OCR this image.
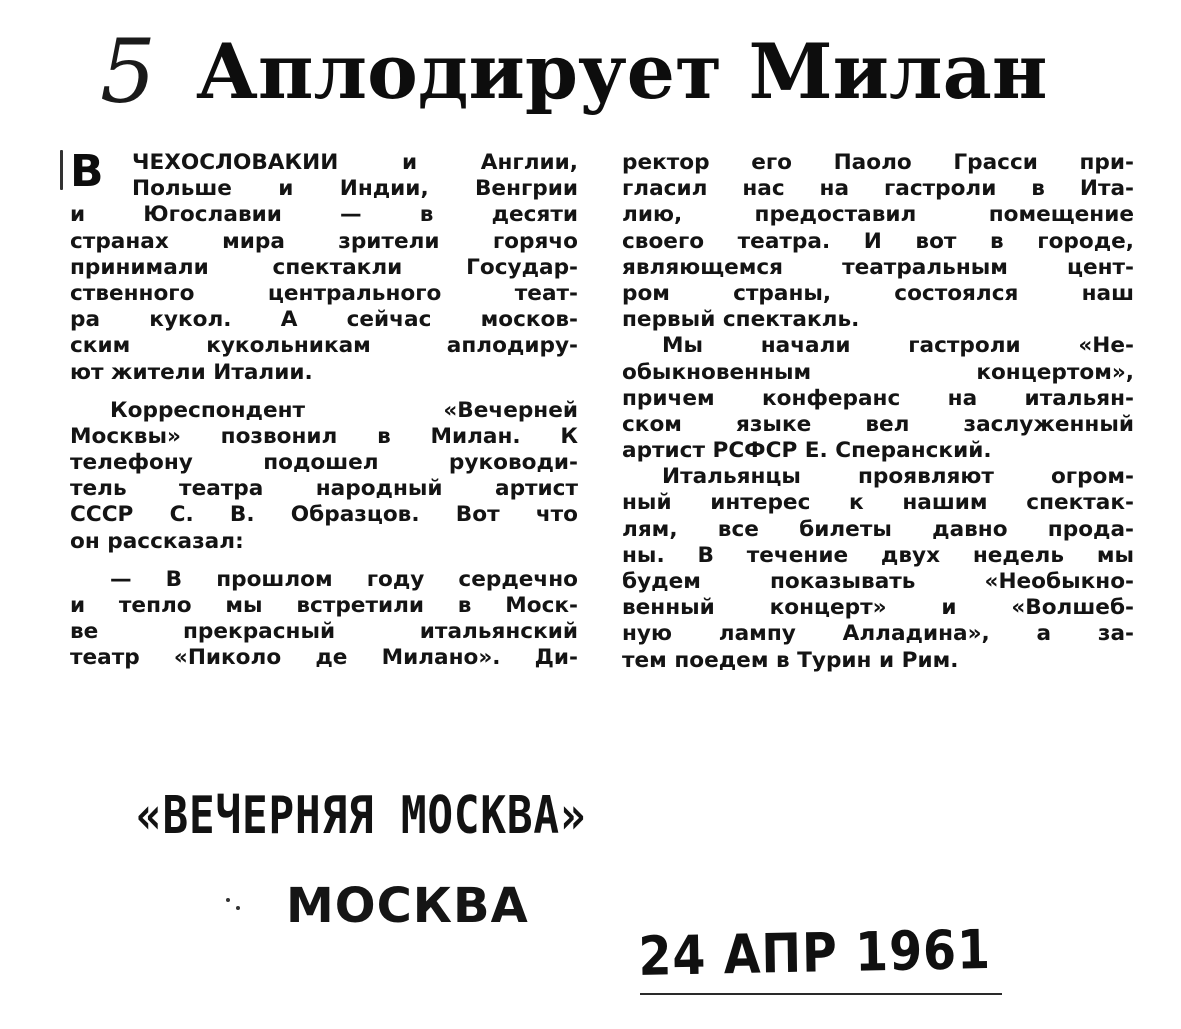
5 Аплодирует Милан
В	ЧЕХОСЛОВАКИИ и Англии,
Польше и Индии, Венгрии
и Югославии — в десяти
странах мира зрители горячо
принимали спектакли Государ-
ственного центрального теат-
ра кукол. А сейчас москов-
ским кукольникам аплодиру-
ют жители Италии.
Корреспондент «Вечерней
Москвы» позвонил в Милан. К
телефону подошел руководи-
тель театра народный артист
СССР С. В. Образцов. Вот что
он рассказал:
— В прошлом году сердечно
и тепло мы встретили в Моск-
ве прекрасный итальянский
театр «Пиколо де Милано». Ди-
ректор его Паоло Грасси при-
гласил нас на гастроли в Ита-
лию, предоставил помещение
своего театра. И вот в городе,
являющемся театральным цент-
ром страны, состоялся наш
первый спектакль.
Мы начали гастроли «Не-
обыкновенным концертом»,
причем конферанс на итальян-
ском языке вел заслуженный
артист РСФСР Е. Сперанский.
Итальянцы проявляют огром-
ный интерес к нашим спектак-
лям, все билеты давно прода-
ны. В течение двух недель мы
будем показывать «Необыкно-
венный концерт» и «Волшеб-
ную лампу Алладина», а за-
тем поедем в Турин и Рим.
«ВЕЧЕРНЯЯ МОСКВА»
МОСКВА
24 АПР 1961
